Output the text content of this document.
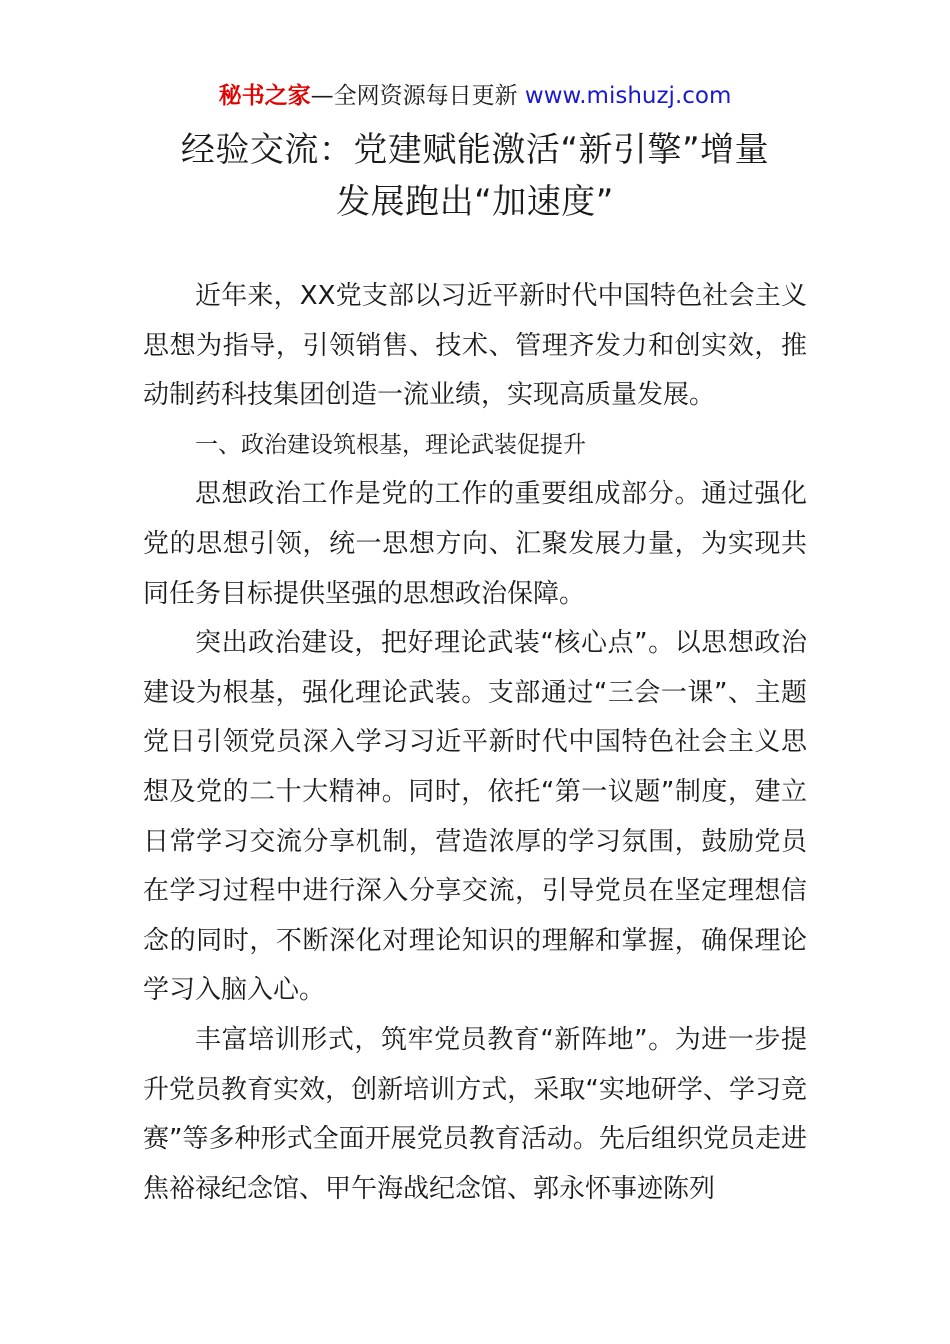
秘书之家—全网资源每日更新 www.mishuzj.com
经验交流：党建赋能激活“新引擎”增量
发展跑出“加速度”

近年来，XX党支部以习近平新时代中国特色社会主义思想为指导，引领销售、技术、管理齐发力和创实效，推动制药科技集团创造一流业绩，实现高质量发展。

一、政治建设筑根基，理论武装促提升

思想政治工作是党的工作的重要组成部分。通过强化党的思想引领，统一思想方向、汇聚发展力量，为实现共同任务目标提供坚强的思想政治保障。

突出政治建设，把好理论武装“核心点”。以思想政治建设为根基，强化理论武装。支部通过“三会一课”、主题党日引领党员深入学习习近平新时代中国特色社会主义思想及党的二十大精神。同时，依托“第一议题”制度，建立日常学习交流分享机制，营造浓厚的学习氛围，鼓励党员在学习过程中进行深入分享交流，引导党员在坚定理想信念的同时，不断深化对理论知识的理解和掌握，确保理论学习入脑入心。

丰富培训形式，筑牢党员教育“新阵地”。为进一步提升党员教育实效，创新培训方式，采取“实地研学、学习竞赛”等多种形式全面开展党员教育活动。先后组织党员走进焦裕禄纪念馆、甲午海战纪念馆、郭永怀事迹陈列
